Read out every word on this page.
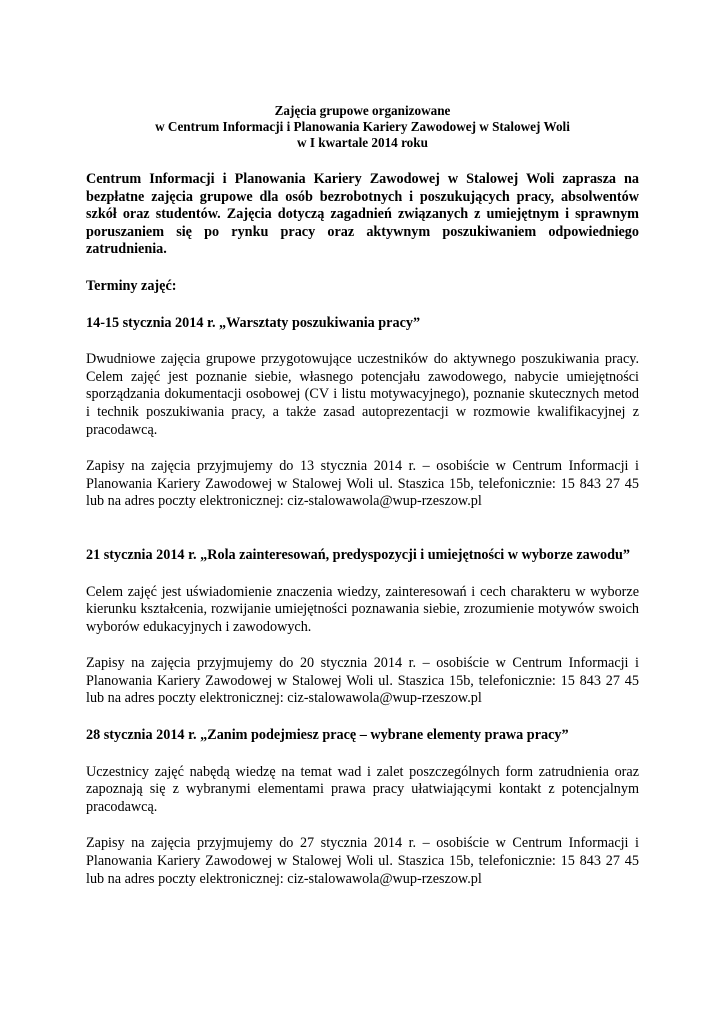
Zajęcia grupowe organizowane
w Centrum Informacji i Planowania Kariery Zawodowej w Stalowej Woli
w I kwartale 2014 roku

Centrum Informacji i Planowania Kariery Zawodowej w Stalowej Woli zaprasza na bezpłatne zajęcia grupowe dla osób bezrobotnych i poszukujących pracy, absolwentów szkół oraz studentów. Zajęcia dotyczą zagadnień związanych z umiejętnym i sprawnym poruszaniem się po rynku pracy oraz aktywnym poszukiwaniem odpowiedniego zatrudnienia.

Terminy zajęć:

14-15 stycznia 2014 r. „Warsztaty poszukiwania pracy”

Dwudniowe zajęcia grupowe przygotowujące uczestników do aktywnego poszukiwania pracy. Celem zajęć jest poznanie siebie, własnego potencjału zawodowego, nabycie umiejętności sporządzania dokumentacji osobowej (CV i listu motywacyjnego), poznanie skutecznych metod i technik poszukiwania pracy, a także zasad autoprezentacji w rozmowie kwalifikacyjnej z pracodawcą.

Zapisy na zajęcia przyjmujemy do 13 stycznia 2014 r. – osobiście w Centrum Informacji i Planowania Kariery Zawodowej w Stalowej Woli ul. Staszica 15b, telefonicznie: 15 843 27 45 lub na adres poczty elektronicznej: ciz-stalowawola@wup-rzeszow.pl

21 stycznia 2014 r. „Rola zainteresowań, predyspozycji i umiejętności w wyborze zawodu”

Celem zajęć jest uświadomienie znaczenia wiedzy, zainteresowań i cech charakteru w wyborze kierunku kształcenia, rozwijanie umiejętności poznawania siebie, zrozumienie motywów swoich wyborów edukacyjnych i zawodowych.

Zapisy na zajęcia przyjmujemy do 20 stycznia 2014 r. – osobiście w Centrum Informacji i Planowania Kariery Zawodowej w Stalowej Woli ul. Staszica 15b, telefonicznie: 15 843 27 45 lub na adres poczty elektronicznej: ciz-stalowawola@wup-rzeszow.pl

28 stycznia 2014 r. „Zanim podejmiesz pracę – wybrane elementy prawa pracy”

Uczestnicy zajęć nabędą wiedzę na temat wad i zalet poszczególnych form zatrudnienia oraz zapoznają się z wybranymi elementami prawa pracy ułatwiającymi kontakt z potencjalnym pracodawcą.

Zapisy na zajęcia przyjmujemy do 27 stycznia 2014 r. – osobiście w Centrum Informacji i Planowania Kariery Zawodowej w Stalowej Woli ul. Staszica 15b, telefonicznie: 15 843 27 45 lub na adres poczty elektronicznej: ciz-stalowawola@wup-rzeszow.pl
